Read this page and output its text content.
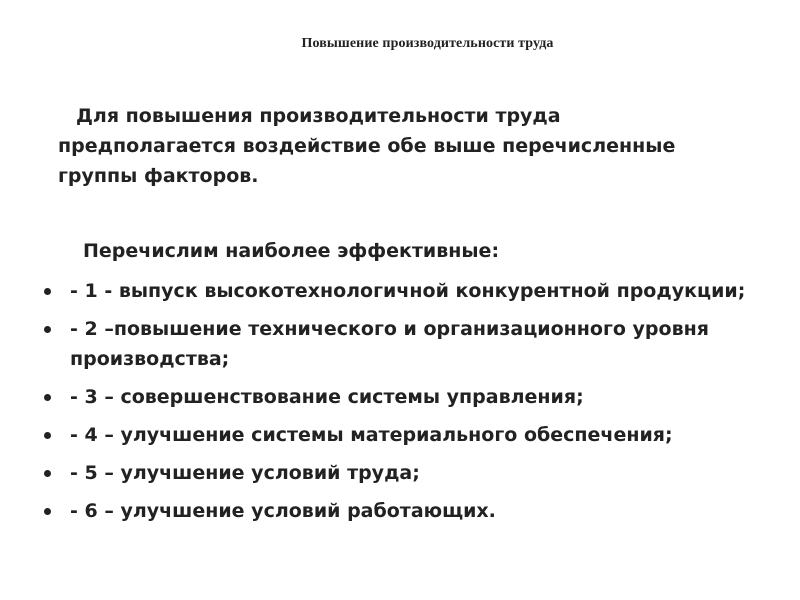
Повышение производительности труда
Для повышения производительности труда предполагается воздействие обе выше перечисленные группы факторов.
Перечислим наиболее эффективные:
- 1 - выпуск высокотехнологичной конкурентной продукции;
- 2 –повышение технического и организационного уровня производства;
- 3 – совершенствование системы управления;
- 4 – улучшение системы материального обеспечения;
- 5 – улучшение условий труда;
- 6 – улучшение условий работающих.
